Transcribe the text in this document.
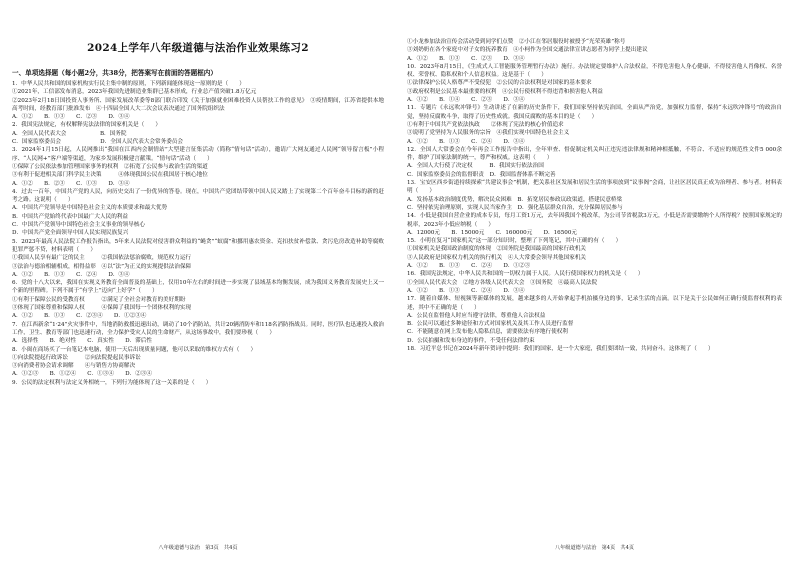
2024上学年八年级道德与法治作业效果练习2
一、单项选择题（每小题2分，共38分，把答案写在前面的答题框内）

1．中华人民共和国的国家机构实行民主集中制的原则，下列新闻能体现这一原则的是（　　）

①2021年，工信部发布消息，2023年我国先进制造业集群已基本形成，行业总产值突破1.8万亿元

②2023年2月18日国投资人事务所、国家发展改革委等8部门联合印发《关于加强就业困难投资人员帮扶工作的意见》　③疫情期间，江苏省提供本地高考时间，经教育部门批准发布　④十四届全国人大二次会议表决通过了国务院组织法

A．①②　　B．①③　　C．②③　　D．③④

2．我国宪法规定，有权解释宪法法律的国家机关是（　　）

A．全国人民代表大会　　　　　　B．国务院

C．国家监察委员会　　　　　　　D．全国人民代表大会常务委员会

3．2024年1月15日起，人民网推出“我国在江西内会制情站”大型建言征集活动（简称“情句话”活动），邀请广大网友通过人民网“领导留言板”小程序、“人民网+”客户端等渠道，为家乡发展积极建言献策。“情句话”活动（　　）

①保障了公民依法参加管理国家事务的权利　②拓宽了公民参与政治生活的渠道

③有利于促进相关部门科学民主决策　　　④体现我国公民在我国居于核心地位

A．①②　　B．②③　　C．①③　　D．③④

4．过去一百年，中国共产党的人民，向历史交出了一份优异的答卷。现在，中国共产党团结带领中国人民又踏上了实现第二个百年奋斗目标的新的赶考之路。这说明（　　）

A．中国共产党领导是中国特色社会主义的本质要求和最大优势

B．中国共产党始终代表中国最广大人民的利益

C．中国共产党领导中国特色社会主义事业的领导核心

D．中国共产党全面领导中国人民实现民族复兴

5．2023年最高人民法院工作报告指出，5年来人民法院对侵害群众利益的“蝇贪”“蚁腐”和挪用惠农资金、克扣扶贫补偿款、贪污危房改造补助等腐败犯罪严惩不贷，材料表明（　　）

①我国人民享有最广泛的民主　　　②我国依法惩治腐败，规范权力运行

③法治与德治相辅相成，相得益彰　④以“法”为正义的实现提供法治保障

A．①②　　B．①③　　C．②④　　D．③④

6．党的十八大以来，我国在实现义务教育全面普及的基础上，仅用10年左右的时间进一步实现了县域基本均衡发展，成为我国义务教育发展史上又一个新的里程碑。下列不属于“有学上”迈向“上好学”（　　）

①有利于保障公民的受教育权　　　②满足了全社会对教育的美好期盼

③体现了国家尊重和保障人权　　　④保障了我国每一个团体权利的实现

A．①②　　B．①③　　C．②③④　　D．①②③④

7．在江西新余“1·24”火灾事件中，当地消防救援迅速出动，调动了10个消防站，共计20辆消防车和118名消防指战员。同时，医疗队也迅速投入救治工作，卫生、教育等部门也迅速行动，全力保护受灾人民的生命财产，从这场事故中，我们要珍视（　　）

A．选择性　　B．绝对性　　C．真实性　　D．滞后性

8．小闽在商场买了一台笔记本电脑，使用一天后出现质量问题，他可以采取的维权方式有（　　）

①向法院提起行政诉讼　　　②向法院提起民事诉讼

③向消费者协会请求调解　　④与销售方协商解决

A．①②③　　B．①②④　　C．①③④　　D．②③④

9．公民的法定权利与法定义务相统一，下列行为能体现了这一关系的是（　　）

八年级道德与法治　第3页　共4页

①小龙参加法治宣传会活动受到同学们点赞　②小江在邻居服役时被授予“光荣英雄”称号

③刘奶奶在各个家庭中对子女的抚养教育　④小柯作为全国交通法律宣讲志愿者为同学上提出建议

A．①②　　B．①③　　C．②③　　D．③④

10．2023年8月15日，《生成式人工智能服务管理暂行办法》施行。办法规定要维护人合法权益，不得危害他人身心健康，不得侵害他人肖像权、名誉权、荣誉权、隐私权和个人信息权益。这是基于（　　）

①法律保护公民人格尊严不受侵犯　②公民的合法权利是对国家的基本要求

③政府权利是公民基本最重要的权利　④公民行使权利不得违背和损害他人利益

A．①②　　B．①④　　C．②③　　D．③④

11．专题片《永远吹冲锋号》生动讲述了在新的历史条件下，我们国家坚持依宪治国，全面从严治党，加强权力监督，保持“永远吹冲锋号”的政治自觉，坚持反腐败斗争，取得了历史性成就。我国反腐败的基本目的是（　　）

①有利于中国共产党依法执政　　②体现了宪法的核心价值追求

③说明了党坚持为人民服务的宗旨　④我们实现中国特色社会主义

A．①②　　B．①③　　C．②④　　D．③④

12．全国人大常委会在今年再会工作报告中指出，全年审查、督促制定机关纠正违宪违法律规和精神相抵触，不符合、不适应的规范性文件5 000余件，维护了国家法制的统一，尊严和权威。这表明（　　）

A．全国人大行使了决定权　　　B．我国实行依法治国

C．国家监察委员会的监督职责　D．我国监督体系不断完善

13．宝安区西乡街道持续探索“共建议事会”机制，把关系社区发展和居民生活的事项放到“议事阁”会商，让社区居民真正成为治理者、参与者。材料表明（　　）

A．发扬基本政治制度优势，解决民众困难　B．拓宽居民参政议政渠道，搭建民意桥梁

C．坚持依宪治理原则，实现人民当家作主　D．强化基层群众自治，充分保障居民参与

14．小低是我国自营企业的成本专员，每月工资1万元，去年因我国个税改革，为公司节省税款3万元，小低是否需要缴纳个人所得税？按照国家规定的税率，2023年小低应纳税（　　）

A．12000元　　B．15000元　　C．160000元　　D．16500元

15．小明在复习“国家机关”这一部分知识时，整理了下列笔记，其中正确的有（　　）

①国家机关是我国政治制度的体现　②国务院是我国最高的国家行政机关

③人民政府是国家权力机关的执行机关　④人大常委会领导其他国家机关

A．①②　　B．①③　　C．②④　　D．①②③

16．我国宪法规定，中华人民共和国的一切权力属于人民。人民行使国家权力的机关是（　　）

①全国人民代表大会　②地方各级人民代表大会　③国务院　④最高人民法院

A．①②　　B．①③　　C．②④　　D．③④

17．随着自媒体、短视频等新媒体的发展，越来越多的人开始拿起手机拍摄身边的事，记录生活的点滴。以下是关于公民如何正确行使监督权利的表述，其中不正确的是（　　）

A．公民在监督他人时应当遵守法律，尊重他人合法权益

B．公民可以通过多种途径和方式对国家机关及其工作人员进行监督

C．不能随意在网上发布他人隐私信息，需要依法有序地行使权利

D．公民拍摄和发布身边的事件，不受任何法律约束

18．习近平总书记在2024年新年贺词中提到：我们的国家，是一个大家庭，我们要团结一致，共同奋斗。这体现了（　　）

八年级道德与法治　第4页　共4页
